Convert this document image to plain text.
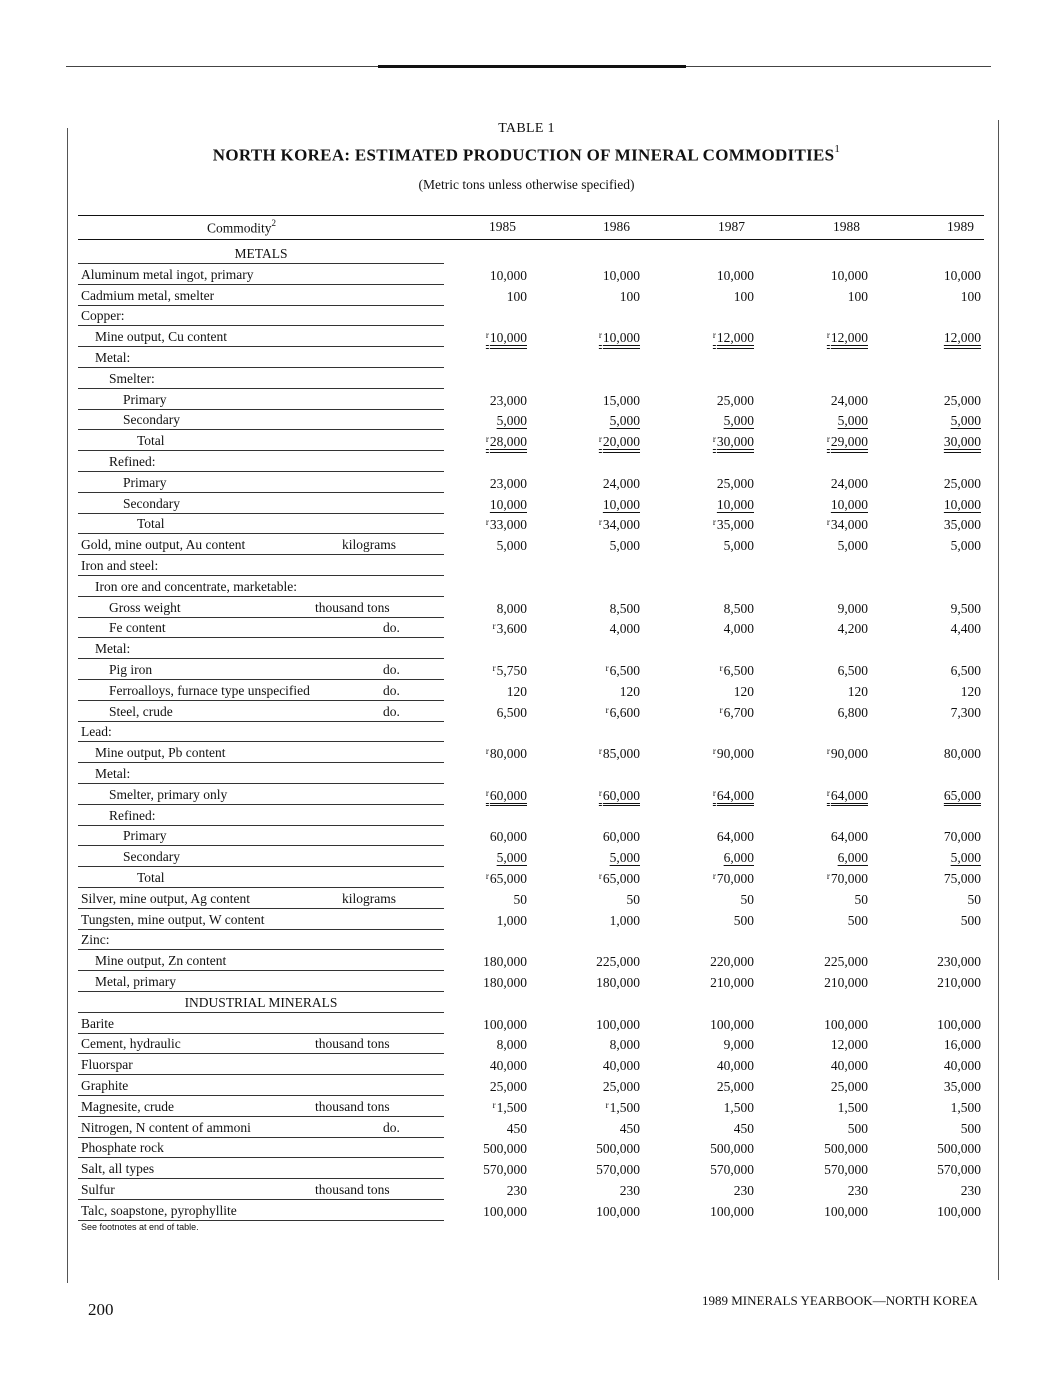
TABLE 1
NORTH KOREA: ESTIMATED PRODUCTION OF MINERAL COMMODITIES$^1$
(Metric tons unless otherwise specified)
Commodity$^2$	1985	1986	1987	1988	1989
METALS
Aluminum metal ingot, primary	10,000	10,000	10,000	10,000	10,000
Cadmium metal, smelter	100	100	100	100	100
Copper:
Mine output, Cu content	$^r$10,000	$^r$10,000	$^r$12,000	$^r$12,000	12,000
Metal:
Smelter:
Primary	23,000	15,000	25,000	24,000	25,000
Secondary	5,000	5,000	5,000	5,000	5,000
Total	$^r$28,000	$^r$20,000	$^r$30,000	$^r$29,000	30,000
Refined:
Primary	23,000	24,000	25,000	24,000	25,000
Secondary	10,000	10,000	10,000	10,000	10,000
Total	$^r$33,000	$^r$34,000	$^r$35,000	$^r$34,000	35,000
Gold, mine output, Au content	kilograms	5,000	5,000	5,000	5,000	5,000
Iron and steel:
Iron ore and concentrate, marketable:
Gross weight	thousand tons	8,000	8,500	8,500	9,000	9,500
Fe content	do.	$^r$3,600	4,000	4,000	4,200	4,400
Metal:
Pig iron	do.	$^r$5,750	$^r$6,500	$^r$6,500	6,500	6,500
Ferroalloys, furnace type unspecified	do.	120	120	120	120	120
Steel, crude	do.	6,500	$^r$6,600	$^r$6,700	6,800	7,300
Lead:
Mine output, Pb content	$^r$80,000	$^r$85,000	$^r$90,000	$^r$90,000	80,000
Metal:
Smelter, primary only	$^r$60,000	$^r$60,000	$^r$64,000	$^r$64,000	65,000
Refined:
Primary	60,000	60,000	64,000	64,000	70,000
Secondary	5,000	5,000	6,000	6,000	5,000
Total	$^r$65,000	$^r$65,000	$^r$70,000	$^r$70,000	75,000
Silver, mine output, Ag content	kilograms	50	50	50	50	50
Tungsten, mine output, W content	1,000	1,000	500	500	500
Zinc:
Mine output, Zn content	180,000	225,000	220,000	225,000	230,000
Metal, primary	180,000	180,000	210,000	210,000	210,000
INDUSTRIAL MINERALS
Barite	100,000	100,000	100,000	100,000	100,000
Cement, hydraulic	thousand tons	8,000	8,000	9,000	12,000	16,000
Fluorspar	40,000	40,000	40,000	40,000	40,000
Graphite	25,000	25,000	25,000	25,000	35,000
Magnesite, crude	thousand tons	$^r$1,500	$^r$1,500	1,500	1,500	1,500
Nitrogen, N content of ammoni	do.	450	450	450	500	500
Phosphate rock	500,000	500,000	500,000	500,000	500,000
Salt, all types	570,000	570,000	570,000	570,000	570,000
Sulfur	thousand tons	230	230	230	230	230
Talc, soapstone, pyrophyllite	100,000	100,000	100,000	100,000	100,000
See footnotes at end of table.
200	1989 MINERALS YEARBOOK—NORTH KOREA
